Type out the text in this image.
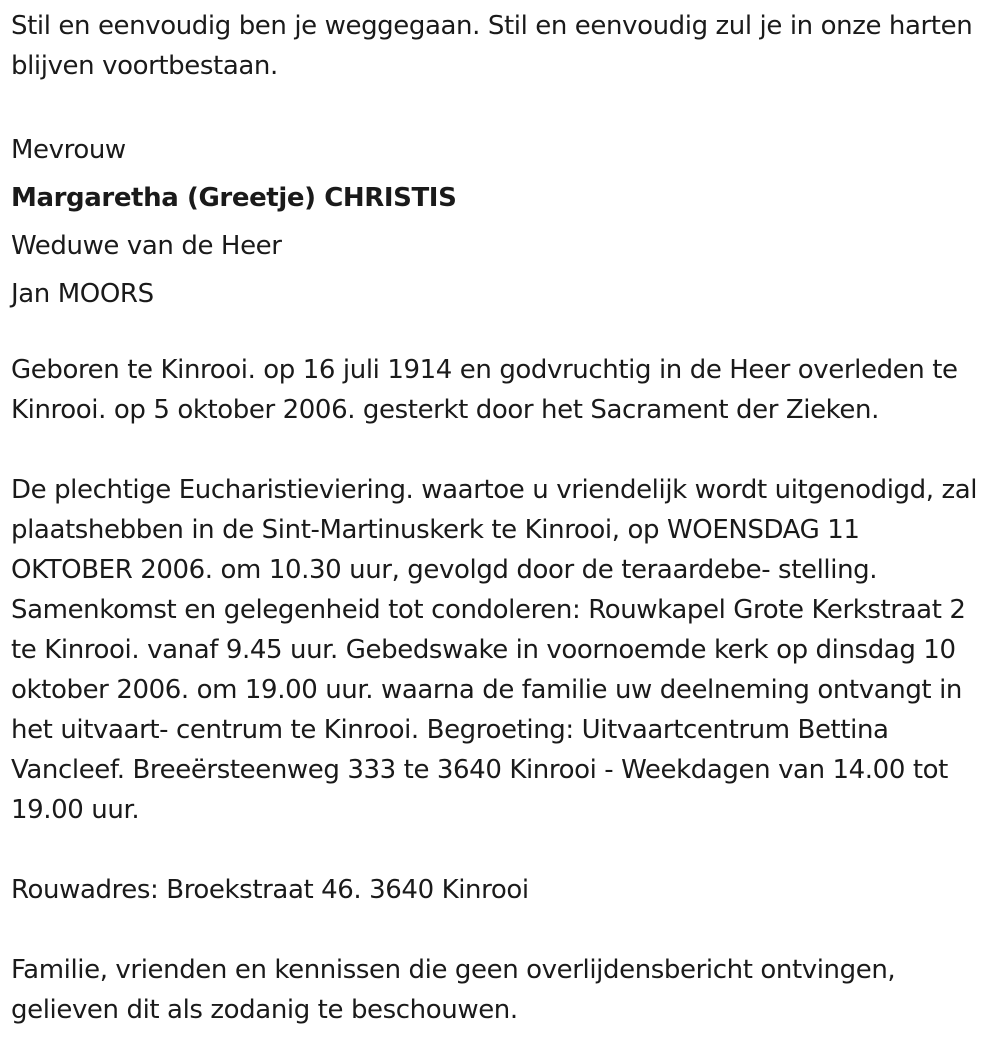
Stil en eenvoudig ben je weggegaan. Stil en eenvoudig zul je in onze harten blijven voortbestaan.

Mevrouw

Margaretha (Greetje) CHRISTIS

Weduwe van de Heer

Jan MOORS

Geboren te Kinrooi. op 16 juli 1914 en godvruchtig in de Heer overleden te Kinrooi. op 5 oktober 2006. gesterkt door het Sacrament der Zieken.

De plechtige Eucharistieviering. waartoe u vriendelijk wordt uitgenodigd, zal plaatshebben in de Sint-Martinuskerk te Kinrooi, op WOENSDAG 11 OKTOBER 2006. om 10.30 uur, gevolgd door de teraardebe- stelling. Samenkomst en gelegenheid tot condoleren: Rouwkapel Grote Kerkstraat 2 te Kinrooi. vanaf 9.45 uur. Gebedswake in voornoemde kerk op dinsdag 10 oktober 2006. om 19.00 uur. waarna de familie uw deelneming ontvangt in het uitvaart- centrum te Kinrooi. Begroeting: Uitvaartcentrum Bettina Vancleef. Breeërsteenweg 333 te 3640 Kinrooi - Weekdagen van 14.00 tot 19.00 uur.

Rouwadres: Broekstraat 46. 3640 Kinrooi

Familie, vrienden en kennissen die geen overlijdensbericht ontvingen, gelieven dit als zodanig te beschouwen.
